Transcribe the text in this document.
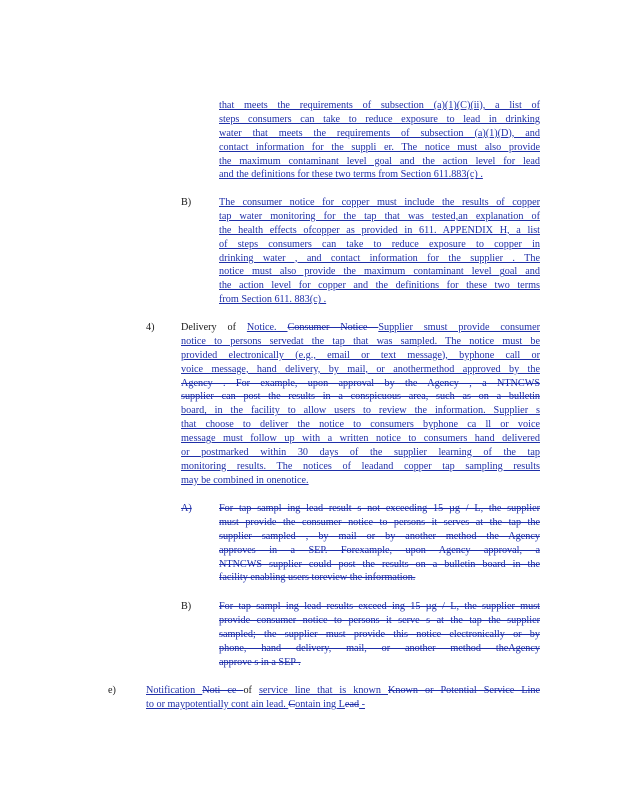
that meets the requirements of subsection (a)(1)(C)(ii), a list of
steps consumers can take to reduce exposure to lead in drinking
water that meets the requirements of subsection (a)(1)(D), and
contact information for the suppli er. The notice must also provide
the maximum contaminant level goal and the action level for lead
and the definitions for these two terms from Section 611.883(c) .

B)	The consumer notice for copper must include the results of copper
tap water monitoring for the tap that was tested,an explanation of
the health effects ofcopper as provided in 611. APPENDIX H, a list
of steps consumers can take to reduce exposure to copper in
drinking water , and contact information for the supplier . The
notice must also provide the maximum contaminant level goal and
the action level for copper and the definitions for these two terms
from Section 611. 883(c) .

4)	Delivery of Notice. Consumer Notice Supplier smust provide consumer
notice to persons servedat the tap that was sampled. The notice must be
provided electronically (e.g., email or text message), byphone call or
voice message, hand delivery, by mail, or anothermethod approved by the
Agency . For example, upon approval by the Agency , a NTNCWS
supplier can post the results in a conspicuous area, such as on a bulletin
board, in the facility to allow users to review the information. Supplier s
that choose to deliver the notice to consumers byphone ca ll or voice
message must follow up with a written notice to consumers hand delivered
or postmarked within 30 days of the supplier learning of the tap
monitoring results. The notices of leadand copper tap sampling results
may be combined in onenotice.

A)	For tap sampl ing lead result s not exceeding 15 µg / L, the supplier
must provide the consumer notice to persons it serves at the tap the
supplier sampled , by mail or by another method the Agency
approves in a SEP. Forexample, upon Agency approval, a
NTNCWS supplier could post the results on a bulletin board in the
facility enabling users toreview the information.

B)	For tap sampl ing lead results exceed ing 15 µg / L, the supplier must
provide consumer notice to persons it serve s at the tap the supplier
sampled; the supplier must provide this notice electronically or by
phone, hand delivery, mail, or another method theAgency
approve s in a SEP .

e)	Notification Noti ce of service line that is known Known or Potential Service Line
to or maypotentially cont ain lead. Contain ing Lead -
